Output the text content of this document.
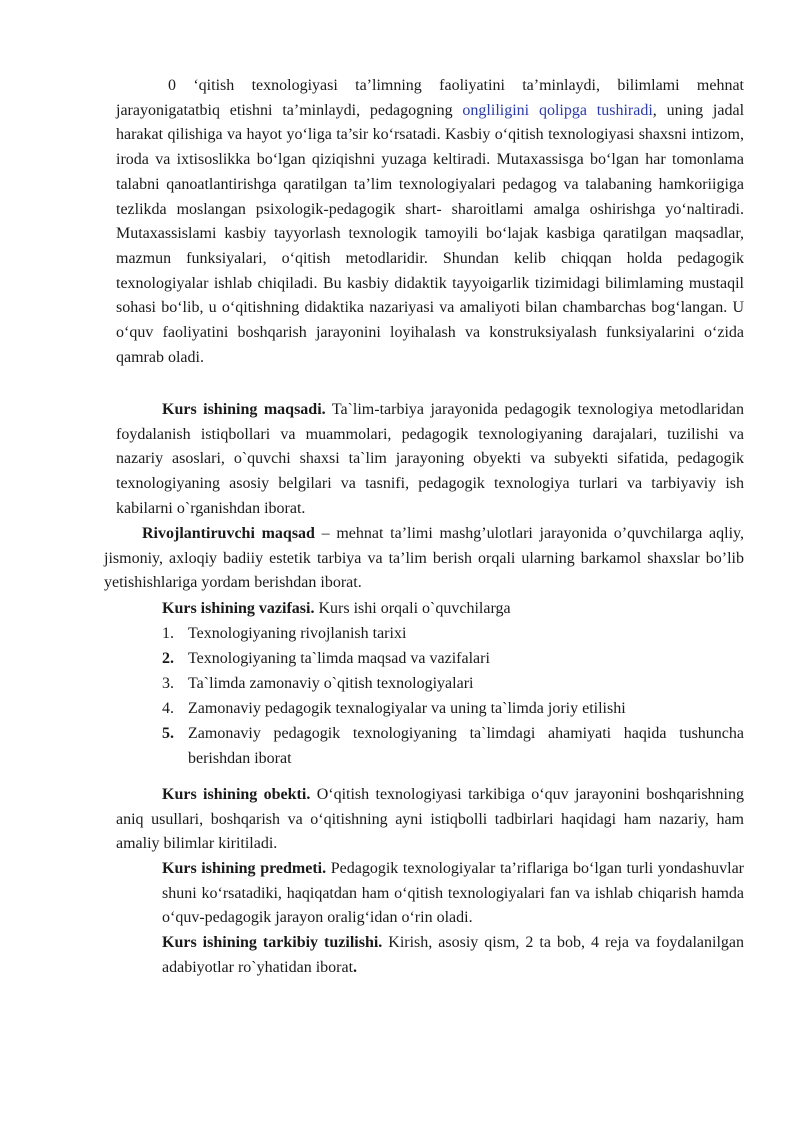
0 ‘qitish texnologiyasi ta’limning faoliyatini ta’minlaydi, bilimlami mehnat jarayonigatatbiq etishni ta’minlaydi, pedagogning ongliligini qolipga tushiradi, uning jadal harakat qilishiga va hayot yo‘liga ta’sir ko‘rsatadi. Kasbiy o‘qitish texnologiyasi shaxsni intizom, iroda va ixtisoslikka bo‘lgan qiziqishni yuzaga keltiradi. Mutaxassisga bo‘lgan har tomonlama talabni qanoatlantirishga qaratilgan ta’lim texnologiyalari pedagog va talabaning hamkoriigiga tezlikda moslangan psixologik-pedagogik shart- sharoitlami amalga oshirishga yo‘naltiradi. Mutaxassislami kasbiy tayyorlash texnologik tamoyili bo‘lajak kasbiga qaratilgan maqsadlar, mazmun funksiyalari, o‘qitish metodlaridir. Shundan kelib chiqqan holda pedagogik texnologiyalar ishlab chiqiladi. Bu kasbiy didaktik tayyoigarlik tizimidagi bilimlaming mustaqil sohasi bo‘lib, u o‘qitishning didaktika nazariyasi va amaliyoti bilan chambarchas bog‘langan. U o‘quv faoliyatini boshqarish jarayonini loyihalash va konstruksiyalash funksiyalarini o‘zida qamrab oladi.

Kurs ishining maqsadi. Ta`lim-tarbiya jarayonida pedagogik texnologiya metodlaridan foydalanish istiqbollari va muammolari, pedagogik texnologiyaning darajalari, tuzilishi va nazariy asoslari, o`quvchi shaxsi ta`lim jarayoning obyekti va subyekti sifatida, pedagogik texnologiyaning asosiy belgilari va tasnifi, pedagogik texnologiya turlari va tarbiyaviy ish kabilarni o`rganishdan iborat.

Rivojlantiruvchi maqsad – mehnat ta’limi mashg’ulotlari jarayonida o’quvchilarga aqliy, jismoniy, axloqiy badiiy estetik tarbiya va ta’lim berish orqali ularning barkamol shaxslar bo’lib yetishishlariga yordam berishdan iborat.

Kurs ishining vazifasi. Kurs ishi orqali o`quvchilarga

1. Texnologiyaning rivojlanish tarixi
2. Texnologiyaning ta`limda maqsad va vazifalari
3. Ta`limda zamonaviy o`qitish texnologiyalari
4. Zamonaviy pedagogik texnalogiyalar va uning ta`limda joriy etilishi
5. Zamonaviy pedagogik texnologiyaning ta`limdagi ahamiyati haqida tushuncha berishdan iborat

Kurs ishining obekti. O‘qitish texnologiyasi tarkibiga o‘quv jarayonini boshqarishning aniq usullari, boshqarish va o‘qitishning ayni istiqbolli tadbirlari haqidagi ham nazariy, ham amaliy bilimlar kiritiladi.

Kurs ishining predmeti. Pedagogik texnologiyalar ta’riflariga bo‘lgan turli yondashuvlar shuni ko‘rsatadiki, haqiqatdan ham o‘qitish texnologiyalari fan va ishlab chiqarish hamda o‘quv-pedagogik jarayon oralig‘idan o‘rin oladi.

Kurs ishining tarkibiy tuzilishi. Kirish, asosiy qism, 2 ta bob, 4 reja va foydalanilgan adabiyotlar ro`yhatidan iborat.
